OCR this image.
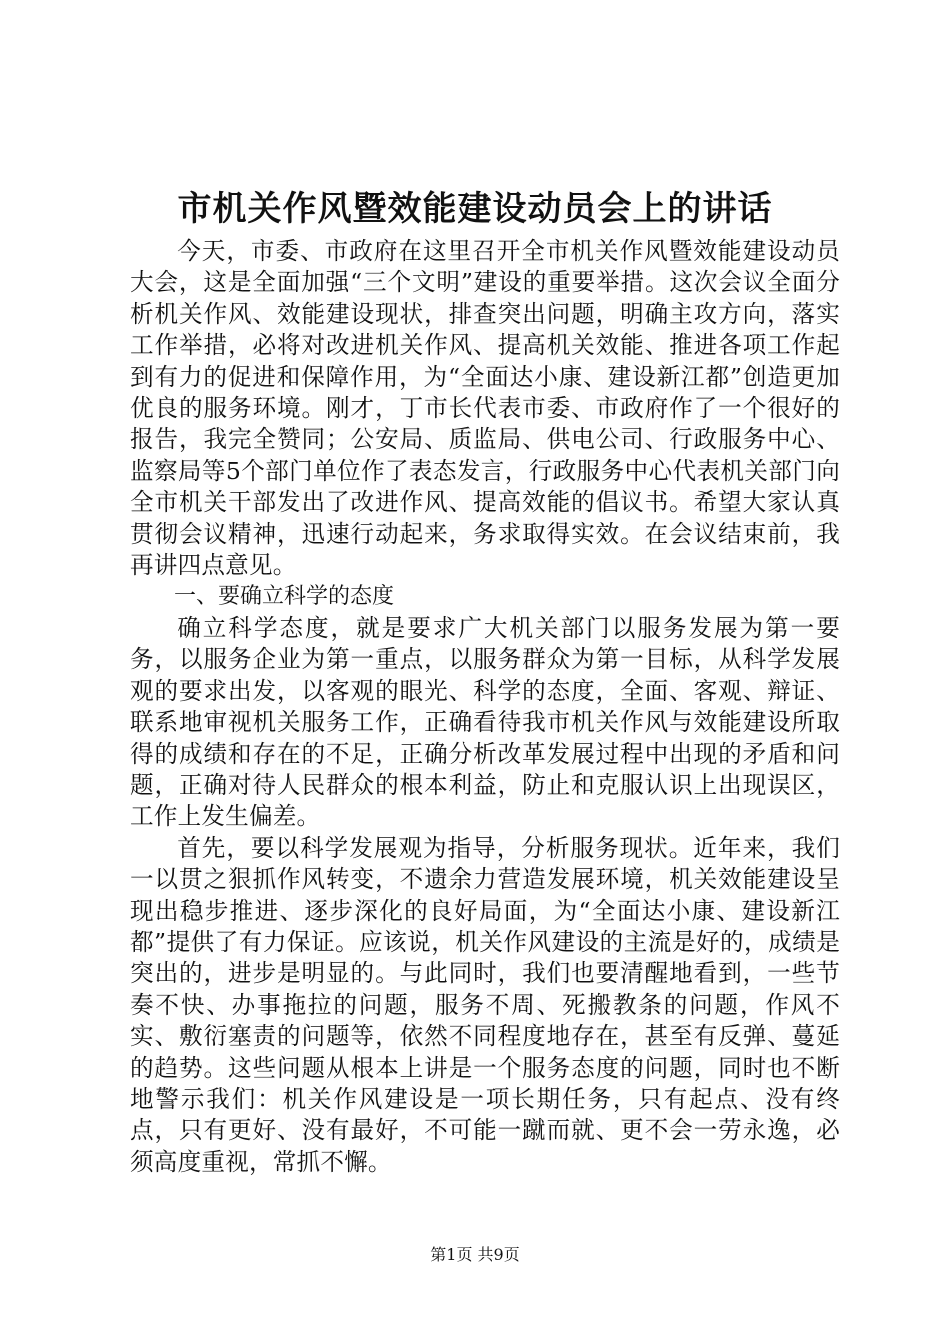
市机关作风暨效能建设动员会上的讲话

今天，市委、市政府在这里召开全市机关作风暨效能建设动员大会，这是全面加强“三个文明”建设的重要举措。这次会议全面分析机关作风、效能建设现状，排查突出问题，明确主攻方向，落实工作举措，必将对改进机关作风、提高机关效能、推进各项工作起到有力的促进和保障作用，为“全面达小康、建设新江都”创造更加优良的服务环境。刚才，丁市长代表市委、市政府作了一个很好的报告，我完全赞同；公安局、质监局、供电公司、行政服务中心、监察局等5个部门单位作了表态发言，行政服务中心代表机关部门向全市机关干部发出了改进作风、提高效能的倡议书。希望大家认真贯彻会议精神，迅速行动起来，务求取得实效。在会议结束前，我再讲四点意见。

一、要确立科学的态度

确立科学态度，就是要求广大机关部门以服务发展为第一要务，以服务企业为第一重点，以服务群众为第一目标，从科学发展观的要求出发，以客观的眼光、科学的态度，全面、客观、辩证、联系地审视机关服务工作，正确看待我市机关作风与效能建设所取得的成绩和存在的不足，正确分析改革发展过程中出现的矛盾和问题，正确对待人民群众的根本利益，防止和克服认识上出现误区，工作上发生偏差。

首先，要以科学发展观为指导，分析服务现状。近年来，我们一以贯之狠抓作风转变，不遗余力营造发展环境，机关效能建设呈现出稳步推进、逐步深化的良好局面，为“全面达小康、建设新江都”提供了有力保证。应该说，机关作风建设的主流是好的，成绩是突出的，进步是明显的。与此同时，我们也要清醒地看到，一些节奏不快、办事拖拉的问题，服务不周、死搬教条的问题，作风不实、敷衍塞责的问题等，依然不同程度地存在，甚至有反弹、蔓延的趋势。这些问题从根本上讲是一个服务态度的问题，同时也不断地警示我们：机关作风建设是一项长期任务，只有起点、没有终点，只有更好、没有最好，不可能一蹴而就、更不会一劳永逸，必须高度重视，常抓不懈。

第1页 共9页
